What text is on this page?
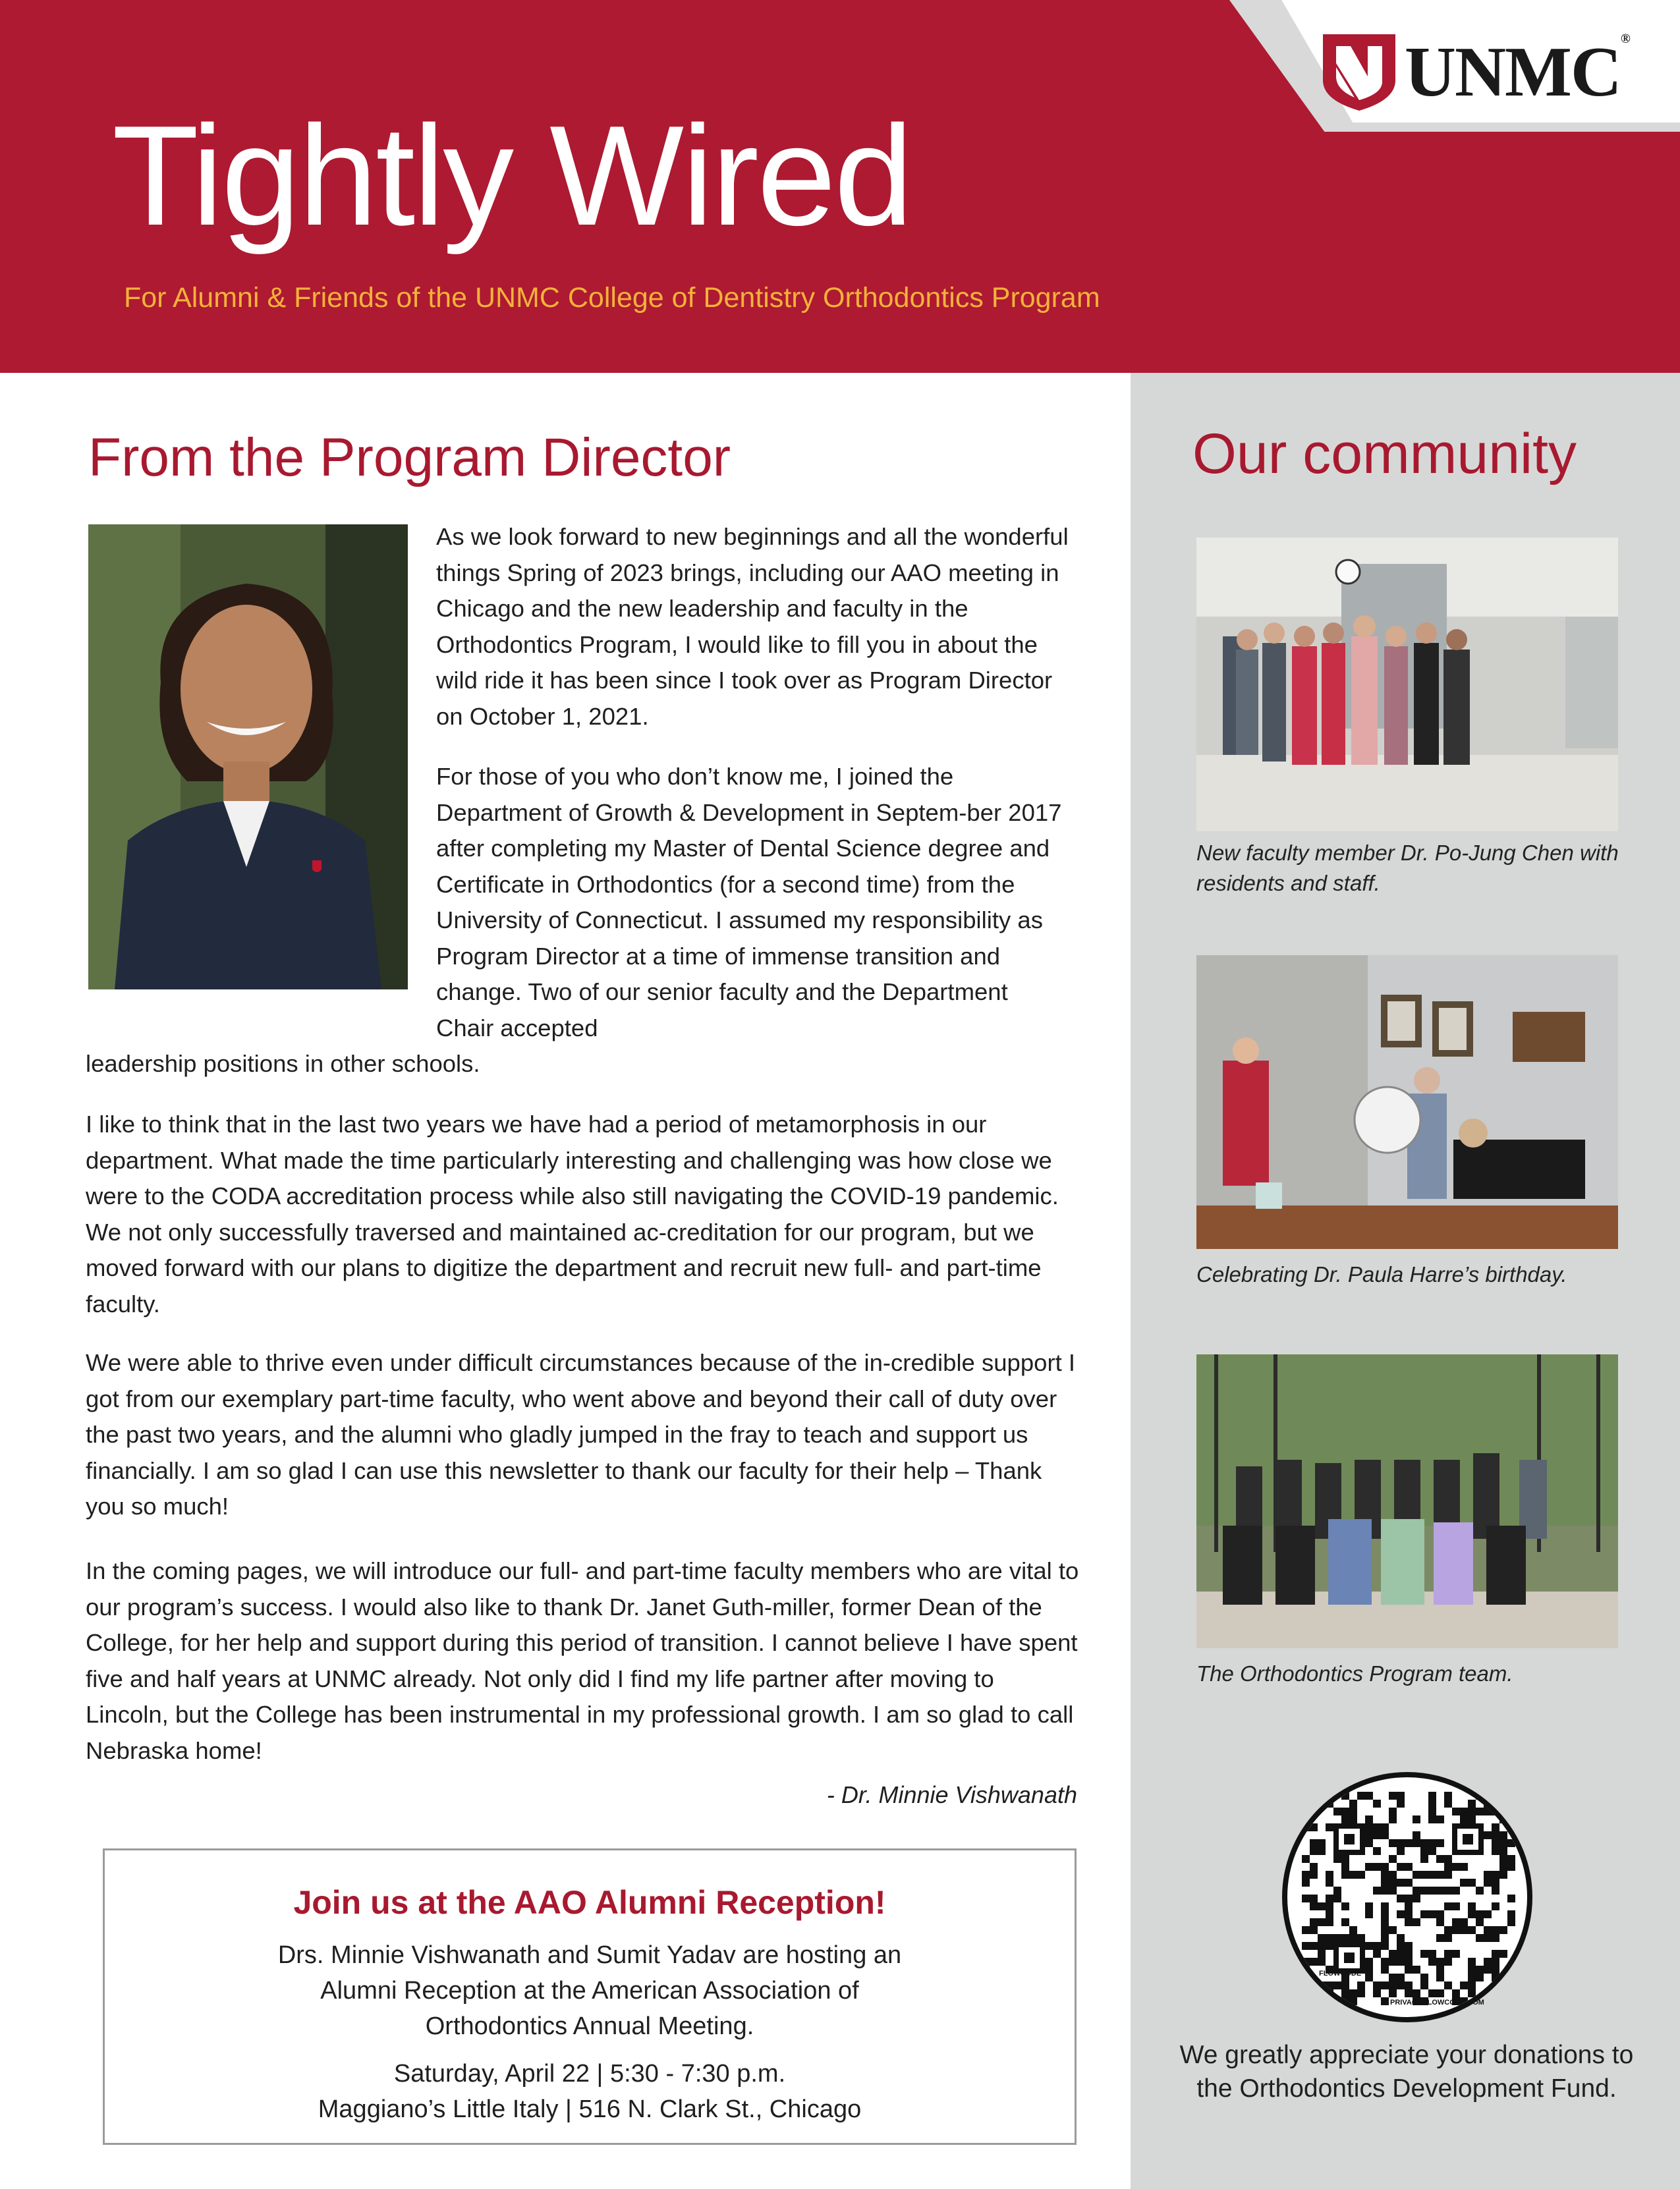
UNMC®
Tightly Wired
For Alumni & Friends of the UNMC College of Dentistry Orthodontics Program
Our community
New faculty member Dr. Po-Jung Chen with residents and staff.
Celebrating Dr. Paula Harre’s birthday.
The Orthodontics Program team.
FLOWCODE
PRIVACY.FLOWCODE.COM
We greatly appreciate your donations to the Orthodontics Development Fund.
From the Program Director

As we look forward to new beginnings and all the wonderful things Spring of 2023 brings, including our AAO meeting in Chicago and the new leadership and faculty in the Orthodontics Program, I would like to fill you in about the wild ride it has been since I took over as Program Director on October 1, 2021.

For those of you who don’t know me, I joined the Department of Growth & Development in Septem-ber 2017 after completing my Master of Dental Science degree and Certificate in Orthodontics (for a second time) from the University of Connecticut. I assumed my responsibility as Program Director at a time of immense transition and change. Two of our senior faculty and the Department Chair accepted

leadership positions in other schools.

I like to think that in the last two years we have had a period of metamorphosis in our department. What made the time particularly interesting and challenging was how close we were to the CODA accreditation process while also still navigating the COVID-19 pandemic. We not only successfully traversed and maintained ac-creditation for our program, but we moved forward with our plans to digitize the department and recruit new full- and part-time faculty.

We were able to thrive even under difficult circumstances because of the in-credible support I got from our exemplary part-time faculty, who went above and beyond their call of duty over the past two years, and the alumni who gladly jumped in the fray to teach and support us financially. I am so glad I can use this newsletter to thank our faculty for their help – Thank you so much!

In the coming pages, we will introduce our full- and part-time faculty members who are vital to our program’s success. I would also like to thank Dr. Janet Guth-miller, former Dean of the College, for her help and support during this period of transition. I cannot believe I have spent five and half years at UNMC already. Not only did I find my life partner after moving to Lincoln, but the College has been instrumental in my professional growth. I am so glad to call Nebraska home!

- Dr. Minnie Vishwanath
Join us at the AAO Alumni Reception!
Drs. Minnie Vishwanath and Sumit Yadav are hosting an
Alumni Reception at the American Association of
Orthodontics Annual Meeting.
Saturday, April 22 | 5:30 - 7:30 p.m.
Maggiano’s Little Italy | 516 N. Clark St., Chicago
